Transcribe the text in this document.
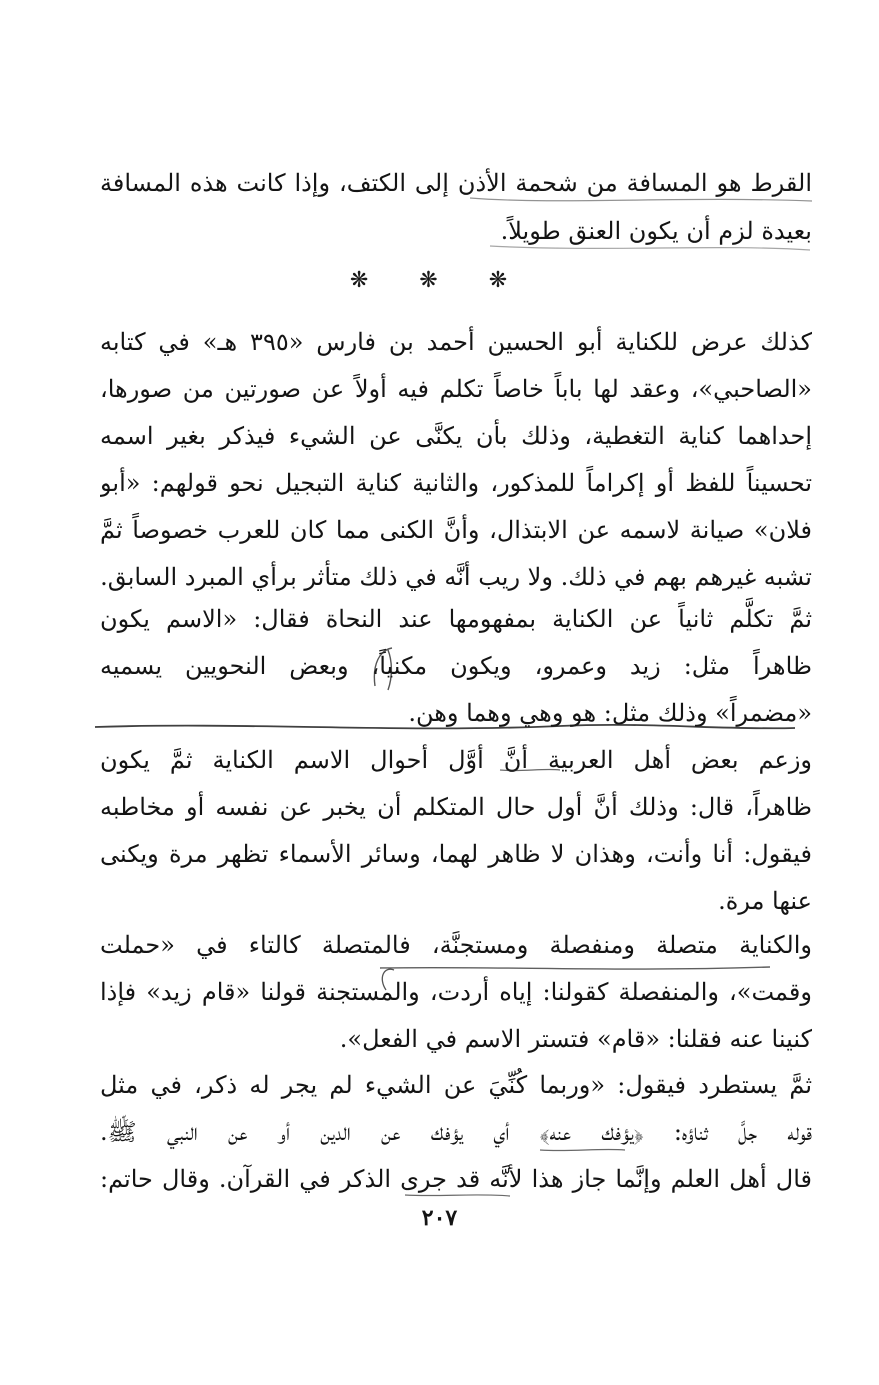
القرط هو المسافة من شحمة الأذن إلى الكتف، وإذا كانت هذه المسافة
بعيدة لزم أن يكون العنق طويلاً.
❋ ❋ ❋
كذلك عرض للكناية أبو الحسين أحمد بن فارس «٣٩٥ هـ» في كتابه
«الصاحبي»، وعقد لها باباً خاصاً تكلم فيه أولاً عن صورتين من صورها،
إحداهما كناية التغطية، وذلك بأن يكنَّى عن الشيء فيذكر بغير اسمه
تحسيناً للفظ أو إكراماً للمذكور، والثانية كناية التبجيل نحو قولهم: «أبو
فلان» صيانة لاسمه عن الابتذال، وأنَّ الكنى مما كان للعرب خصوصاً ثمَّ
تشبه غيرهم بهم في ذلك. ولا ريب أنَّه في ذلك متأثر برأي المبرد السابق.
ثمَّ تكلَّم ثانياً عن الكناية بمفهومها عند النحاة فقال: «الاسم يكون
ظاهراً مثل: زيد وعمرو، ويكون مكنياً، وبعض النحويين يسميه
«مضمراً» وذلك مثل: هو وهي وهما وهن.
وزعم بعض أهل العربية أنَّ أوَّل أحوال الاسم الكناية ثمَّ يكون
ظاهراً، قال: وذلك أنَّ أول حال المتكلم أن يخبر عن نفسه أو مخاطبه
فيقول: أنا وأنت، وهذان لا ظاهر لهما، وسائر الأسماء تظهر مرة ويكنى
عنها مرة.
والكناية متصلة ومنفصلة ومستجنَّة، فالمتصلة كالتاء في «حملت
وقمت»، والمنفصلة كقولنا: إياه أردت، والمستجنة قولنا «قام زيد» فإذا
كنينا عنه فقلنا: «قام» فتستر الاسم في الفعل».
ثمَّ يستطرد فيقول: «وربما كُنِّيَ عن الشيء لم يجر له ذكر، في مثل
قوله جلَّ ثناؤه: ﴿يؤفك عنه﴾ أي يؤفك عن الدين أو عن النبي ﷺ.
قال أهل العلم وإنَّما جاز هذا لأنَّه قد جرى الذكر في القرآن. وقال حاتم:
٢٠٧
